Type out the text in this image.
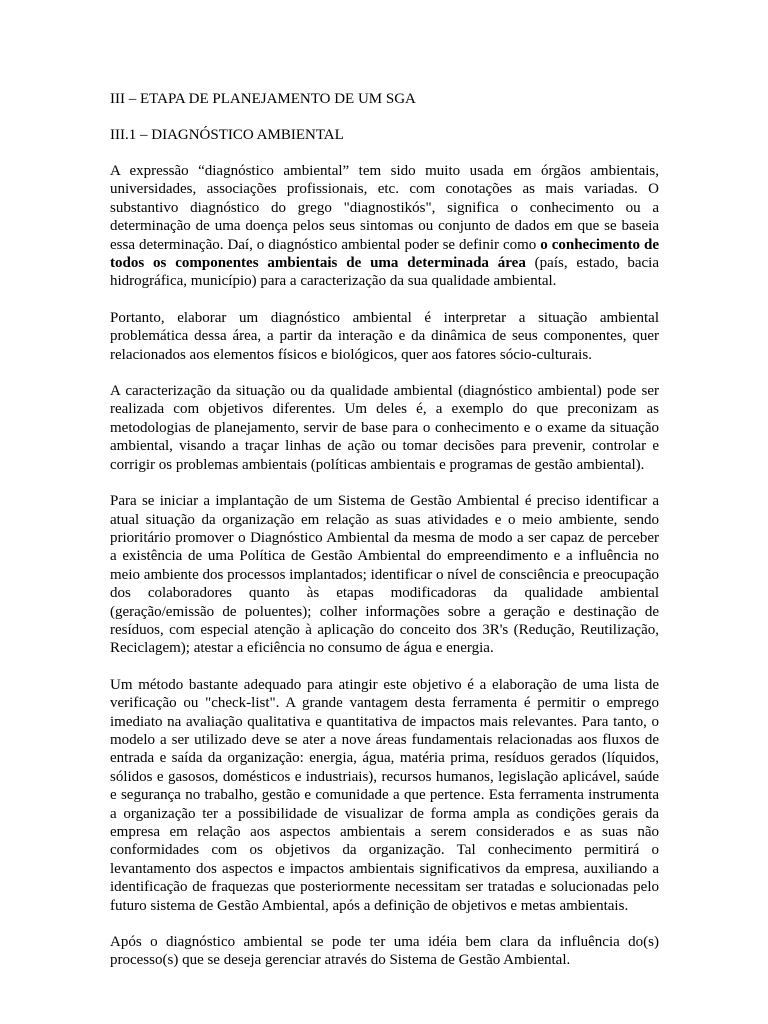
III – ETAPA DE PLANEJAMENTO DE UM SGA
III.1 – DIAGNÓSTICO AMBIENTAL

A expressão “diagnóstico ambiental” tem sido muito usada em órgãos ambientais, universidades, associações profissionais, etc. com conotações as mais variadas. O substantivo diagnóstico do grego "diagnostikós", significa o conhecimento ou a determinação de uma doença pelos seus sintomas ou conjunto de dados em que se baseia essa determinação. Daí, o diagnóstico ambiental poder se definir como o conhecimento de todos os componentes ambientais de uma determinada área (país, estado, bacia hidrográfica, município) para a caracterização da sua qualidade ambiental.

Portanto, elaborar um diagnóstico ambiental é interpretar a situação ambiental problemática dessa área, a partir da interação e da dinâmica de seus componentes, quer relacionados aos elementos físicos e biológicos, quer aos fatores sócio-culturais.

A caracterização da situação ou da qualidade ambiental (diagnóstico ambiental) pode ser realizada com objetivos diferentes. Um deles é, a exemplo do que preconizam as metodologias de planejamento, servir de base para o conhecimento e o exame da situação ambiental, visando a traçar linhas de ação ou tomar decisões para prevenir, controlar e corrigir os problemas ambientais (políticas ambientais e programas de gestão ambiental).

Para se iniciar a implantação de um Sistema de Gestão Ambiental é preciso identificar a atual situação da organização em relação as suas atividades e o meio ambiente, sendo prioritário promover o Diagnóstico Ambiental da mesma de modo a ser capaz de perceber a existência de uma Política de Gestão Ambiental do empreendimento e a influência no meio ambiente dos processos implantados; identificar o nível de consciência e preocupação dos colaboradores quanto às etapas modificadoras da qualidade ambiental (geração/emissão de poluentes); colher informações sobre a geração e destinação de resíduos, com especial atenção à aplicação do conceito dos 3R's (Redução, Reutilização, Reciclagem); atestar a eficiência no consumo de água e energia.

Um método bastante adequado para atingir este objetivo é a elaboração de uma lista de verificação ou "check-list". A grande vantagem desta ferramenta é permitir o emprego imediato na avaliação qualitativa e quantitativa de impactos mais relevantes. Para tanto, o modelo a ser utilizado deve se ater a nove áreas fundamentais relacionadas aos fluxos de entrada e saída da organização: energia, água, matéria prima, resíduos gerados (líquidos, sólidos e gasosos, domésticos e industriais), recursos humanos, legislação aplicável, saúde e segurança no trabalho, gestão e comunidade a que pertence. Esta ferramenta instrumenta a organização ter a possibilidade de visualizar de forma ampla as condições gerais da empresa em relação aos aspectos ambientais a serem considerados e as suas não conformidades com os objetivos da organização. Tal conhecimento permitirá o levantamento dos aspectos e impactos ambientais significativos da empresa, auxiliando a identificação de fraquezas que posteriormente necessitam ser tratadas e solucionadas pelo futuro sistema de Gestão Ambiental, após a definição de objetivos e metas ambientais.

Após o diagnóstico ambiental se pode ter uma idéia bem clara da influência do(s) processo(s) que se deseja gerenciar através do Sistema de Gestão Ambiental.
